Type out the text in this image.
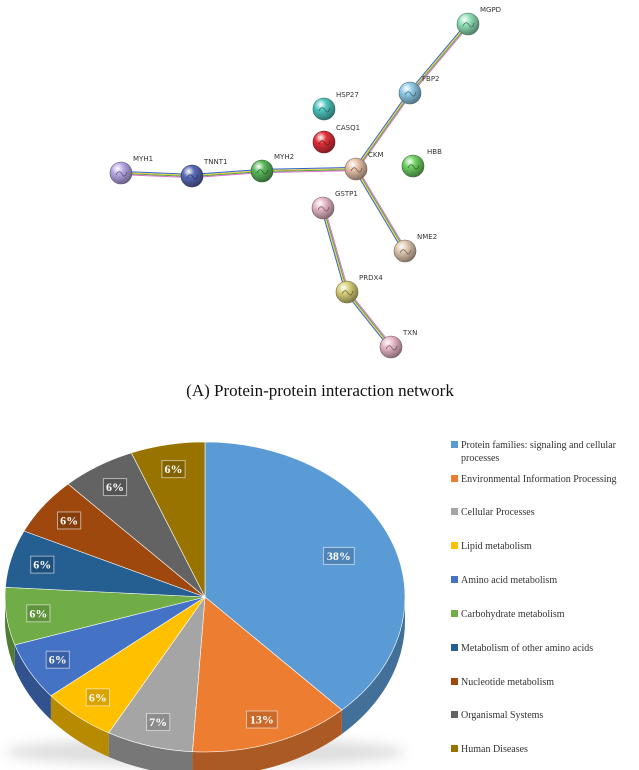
MGPD
FBP2
HSP27
CASQ1
CKM	HBB
MYH1	TNNT1
MYH2
GSTP1
NME2
PRDX4
TXN
(A) Protein-protein interaction network
38%
13%
7%
6%
6%
6%
6%
6%
6%
6%
Protein families: signaling and cellular processes
Environmental Information Processing
Cellular Processes
Lipid metabolism
Amino acid metabolism
Carbohydrate metabolism
Metabolism of other amino acids
Nucleotide metabolism
Organismal Systems
Human Diseases
